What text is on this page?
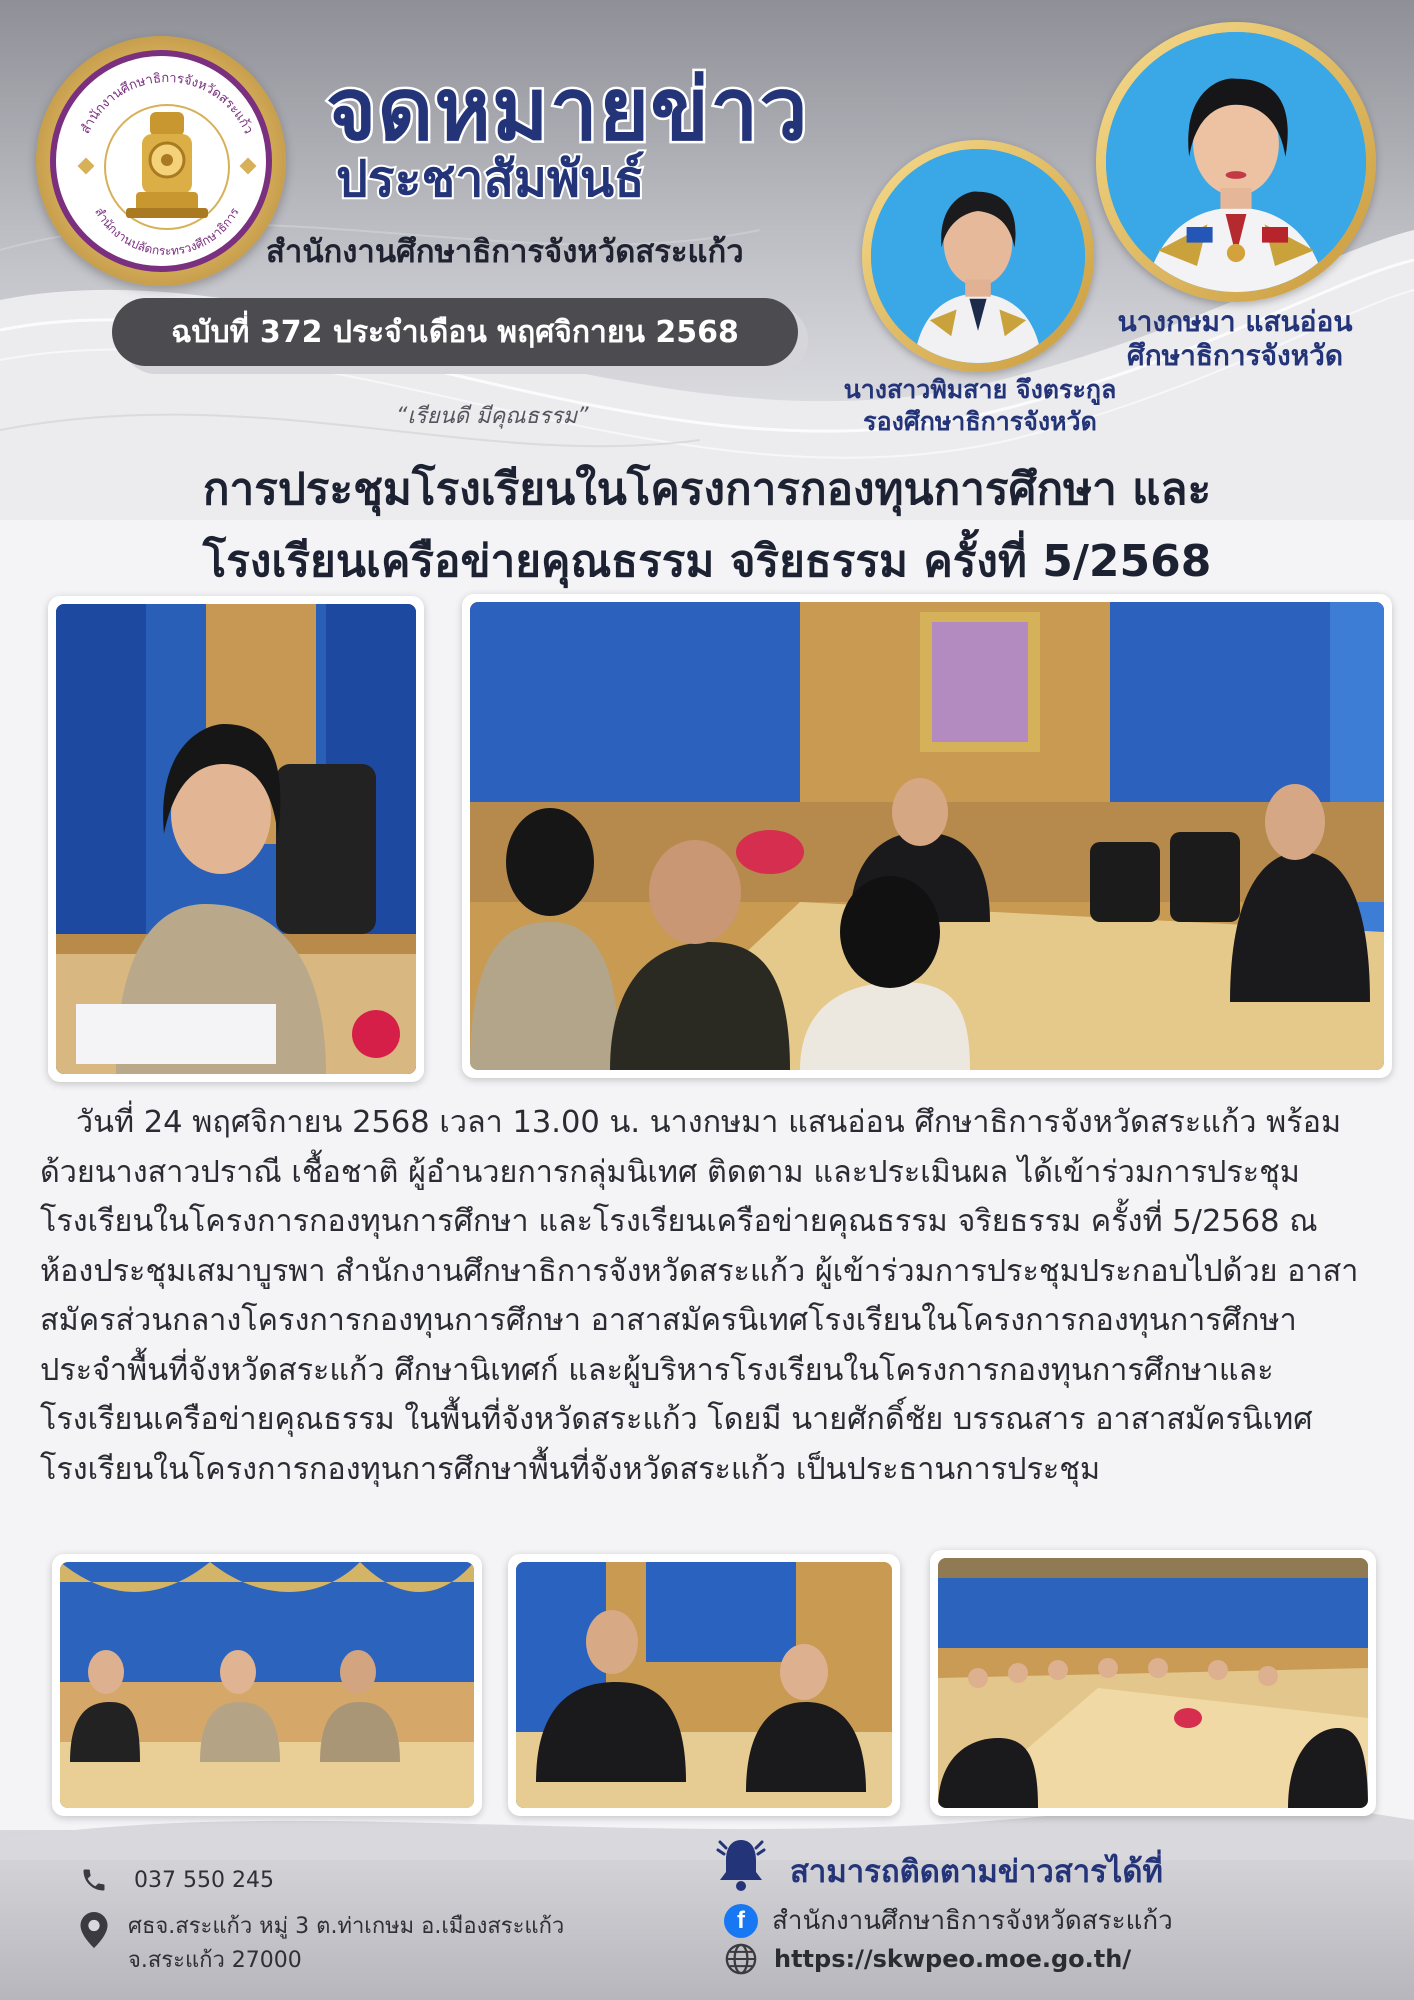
สำนักงานศึกษาธิการจังหวัดสระแก้ว
สำนักงานปลัดกระทรวงศึกษาธิการ
จดหมายข่าว
ประชาสัมพันธ์
สำนักงานศึกษาธิการจังหวัดสระแก้ว
ฉบับที่ 372 ประจำเดือน พฤศจิกายน 2568
“เรียนดี มีคุณธรรม”
นางสาวพิมสาย จึงตระกูล
รองศึกษาธิการจังหวัด
นางกษมา แสนอ่อน
ศึกษาธิการจังหวัด
การประชุมโรงเรียนในโครงการกองทุนการศึกษา และ
โรงเรียนเครือข่ายคุณธรรม จริยธรรม ครั้งที่ 5/2568
วันที่ 24 พฤศจิกายน 2568 เวลา 13.00 น. นางกษมา แสนอ่อน ศึกษาธิการจังหวัดสระแก้ว พร้อมด้วยนางสาวปราณี เชื้อชาติ ผู้อำนวยการกลุ่มนิเทศ ติดตาม และประเมินผล ได้เข้าร่วมการประชุมโรงเรียนในโครงการกองทุนการศึกษา และโรงเรียนเครือข่ายคุณธรรม จริยธรรม ครั้งที่ 5/2568 ณ ห้องประชุมเสมาบูรพา สำนักงานศึกษาธิการจังหวัดสระแก้ว ผู้เข้าร่วมการประชุมประกอบไปด้วย อาสาสมัครส่วนกลางโครงการกองทุนการศึกษา อาสาสมัครนิเทศโรงเรียนในโครงการกองทุนการศึกษาประจำพื้นที่จังหวัดสระแก้ว ศึกษานิเทศก์ และผู้บริหารโรงเรียนในโครงการกองทุนการศึกษาและโรงเรียนเครือข่ายคุณธรรม ในพื้นที่จังหวัดสระแก้ว โดยมี นายศักดิ์ชัย บรรณสาร อาสาสมัครนิเทศโรงเรียนในโครงการกองทุนการศึกษาพื้นที่จังหวัดสระแก้ว เป็นประธานการประชุม
037 550 245
ศธจ.สระแก้ว หมู่ 3 ต.ท่าเกษม อ.เมืองสระแก้ว
จ.สระแก้ว 27000
สามารถติดตามข่าวสารได้ที่
f	สำนักงานศึกษาธิการจังหวัดสระแก้ว
https://skwpeo.moe.go.th/
